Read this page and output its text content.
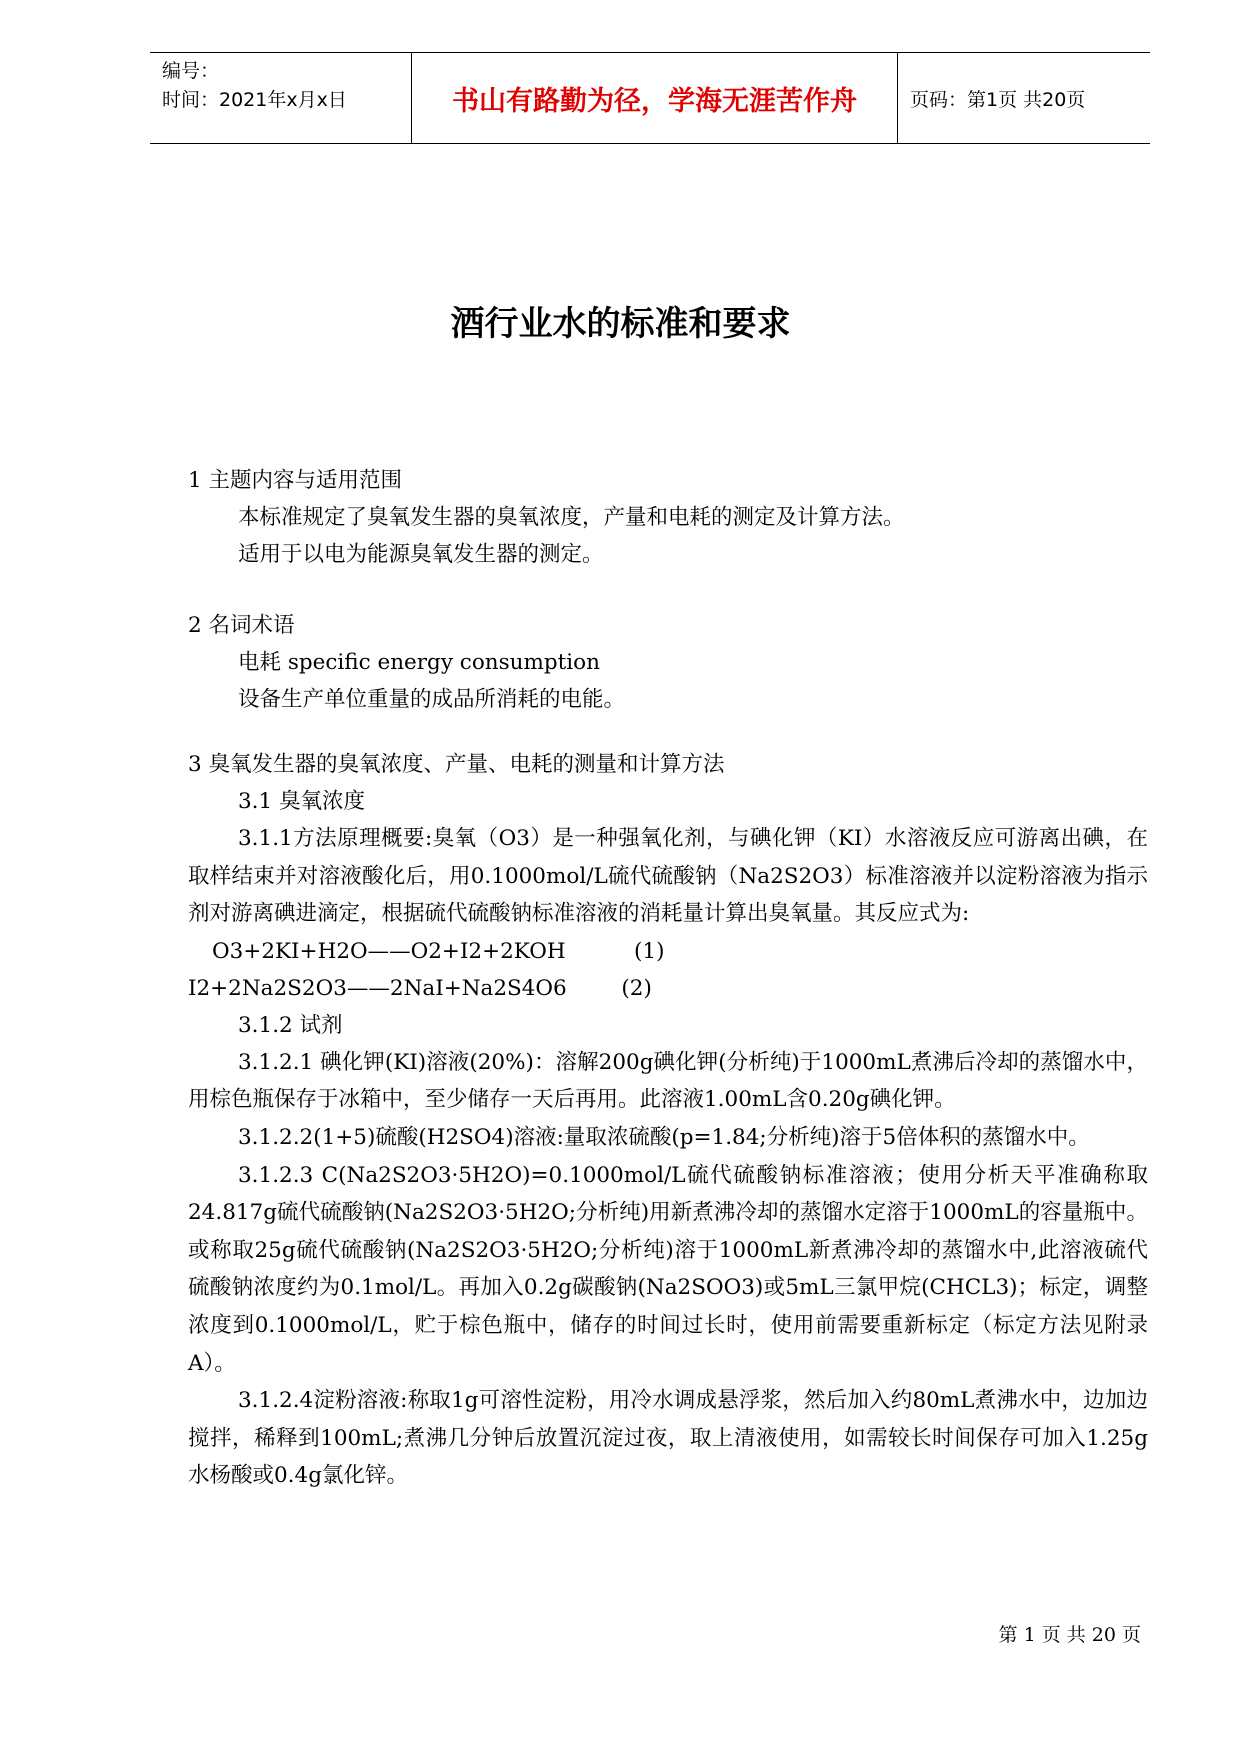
编号：
时间：2021年x月x日	书山有路勤为径，学海无涯苦作舟	页码：第1页 共20页
酒行业水的标准和要求
1 主题内容与适用范围
本标准规定了臭氧发生器的臭氧浓度，产量和电耗的测定及计算方法。
适用于以电为能源臭氧发生器的测定。
2 名词术语
电耗 specific energy consumption
设备生产单位重量的成品所消耗的电能。
3 臭氧发生器的臭氧浓度、产量、电耗的测量和计算方法
3.1 臭氧浓度
3.1.1方法原理概要:臭氧（O3）是一种强氧化剂，与碘化钾（KI）水溶液反应可游离出碘，在取样结束并对溶液酸化后，用0.1000mol/L硫代硫酸钠（Na2S2O3）标准溶液并以淀粉溶液为指示剂对游离碘进滴定，根据硫代硫酸钠标准溶液的消耗量计算出臭氧量。其反应式为:
O3+2KI+H2O——O2+I2+2KOH          (1)
I2+2Na2S2O3——2NaI+Na2S4O6        (2)
3.1.2 试剂
3.1.2.1 碘化钾(KI)溶液(20%)：溶解200g碘化钾(分析纯)于1000mL煮沸后冷却的蒸馏水中，用棕色瓶保存于冰箱中，至少储存一天后再用。此溶液1.00mL含0.20g碘化钾。
3.1.2.2(1+5)硫酸(H2SO4)溶液:量取浓硫酸(p=1.84;分析纯)溶于5倍体积的蒸馏水中。
3.1.2.3 C(Na2S2O3·5H2O)=0.1000mol/L硫代硫酸钠标准溶液；使用分析天平准确称取24.817g硫代硫酸钠(Na2S2O3·5H2O;分析纯)用新煮沸冷却的蒸馏水定溶于1000mL的容量瓶中。或称取25g硫代硫酸钠(Na2S2O3·5H2O;分析纯)溶于1000mL新煮沸冷却的蒸馏水中,此溶液硫代硫酸钠浓度约为0.1mol/L。再加入0.2g碳酸钠(Na2SOO3)或5mL三氯甲烷(CHCL3)；标定，调整浓度到0.1000mol/L，贮于棕色瓶中，储存的时间过长时，使用前需要重新标定（标定方法见附录A）。
3.1.2.4淀粉溶液:称取1g可溶性淀粉，用冷水调成悬浮浆，然后加入约80mL煮沸水中，边加边搅拌，稀释到100mL;煮沸几分钟后放置沉淀过夜，取上清液使用，如需较长时间保存可加入1.25g水杨酸或0.4g氯化锌。
第 1 页 共 20 页
